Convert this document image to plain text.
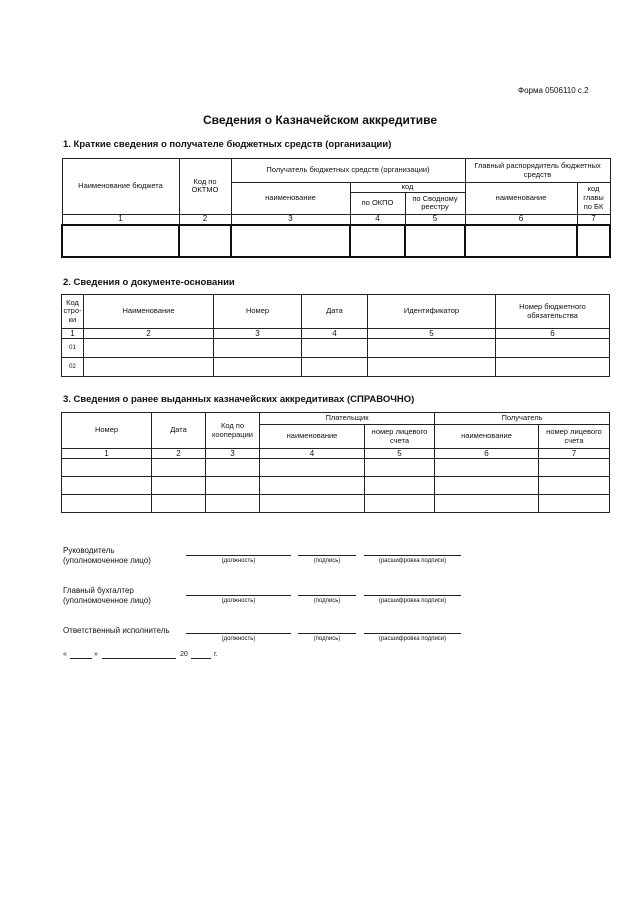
Форма 0506110 с.2
Сведения о Казначейском аккредитиве
1. Краткие сведения о получателе бюджетных средств (организации)
Наименование бюджета	Код по ОКТМО	Получатель бюджетных средств (организации)			Главный распорядитель бюджетных средств	
		наименование	код		наименование	код главы по БК
			по ОКПО	по Сводному реестру		
1	2	3	4	5	6	7

2. Сведения о документе-основании
Код стро-ки	Наименование	Номер	Дата	Идентификатор	Номер бюджетного обязательства
1	2	3	4	5	6
01					
02					
3. Сведения о ранее выданных казначейских аккредитивах (СПРАВОЧНО)
Номер	Дата	Код по кооперации	Плательщик		Получатель	
			наименование	номер лицевого счета	наименование	номер лицевого счета
1	2	3	4	5	6	7

Руководитель
(уполномоченное лицо)	(должность)	(подпись)	(расшифровка подписи)
Главный бухгалтер
(уполномоченное лицо)	(должность)	(подпись)	(расшифровка подписи)
Ответственный исполнитель
(должность)	(подпись)	(расшифровка подписи)
«	»	20	г.
